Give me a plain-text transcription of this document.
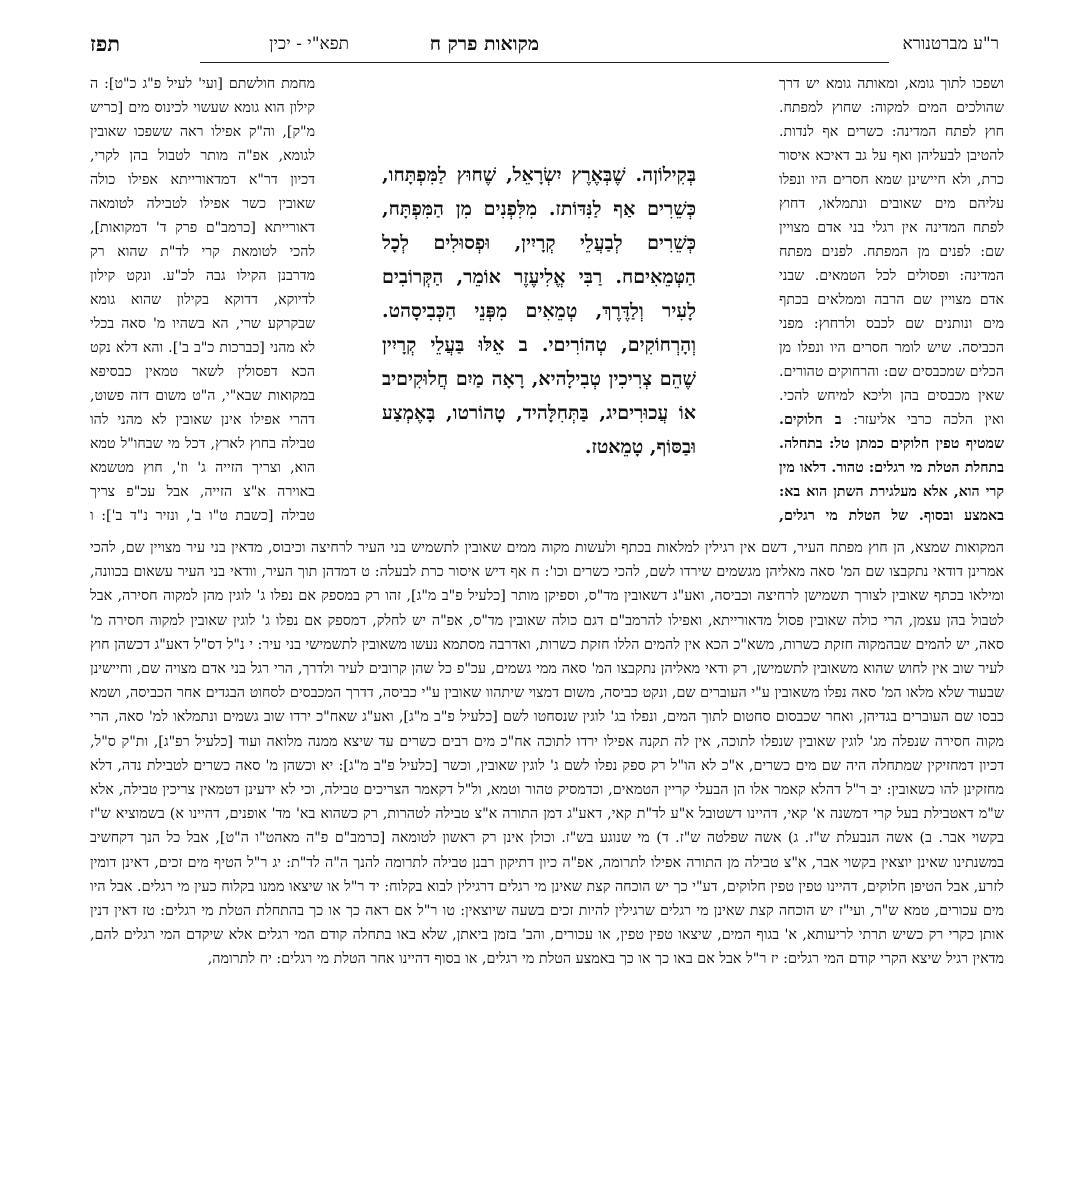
ר"ע מברטנורא
מקואות פרק ח
תפא"י - יכין
תפז
ושפכו לתוך גומא, ומאותה גומא יש דרך שהולכים המים למקוה: שחוץ למפתח. חוץ לפתח המדינה: כשרים אף לנדות. להטיבן לבעליהן ואף על גב דאיכא איסור כרת, ולא חיישינן שמא חסרים היו ונפלו עליהם מים שאובים ונתמלאו, דחוץ לפתח המדינה אין רגלי בני אדם מצויין שם: לפנים מן המפתח. לפנים מפתח המדינה: ופסולים לכל הטמאים. שבני אדם מצויין שם הרבה וממלאים בכתף מים ונותנים שם לכבס ולרחוץ: מפני הכביסה. שיש לומר חסרים היו ונפלו מן הכלים שמכבסים שם: והרחוקים טהורים. שאין מכבסים בהן וליכא למיחש להכי. ואין הלכה כרבי אליעזר: ב חלוקים. שמטיף טפין חלוקים כמתן טל: בתחלה. בתחלת הטלת מי רגלים: טהור. דלאו מין קרי הוא, אלא מעלגירת השתן הוא בא: באמצע ובסוף. של הטלת מי רגלים,
בְּקִילוֹןה. שֶׁבְּאֶרֶץ יִשְׂרָאֵל, שֶׁחוּץ לַמִּפְתָּחו, כְּשֵׁרִים אַף לַנִּדּוֹתז. מִלִּפְנִים מִן הַמִּפְתָּח, כְּשֵׁרִים לְבַעֲלֵי קְרָיִין, וּפְסוּלִים לְכָל הַטְּמֵאִיםח. רַבִּי אֱלִיעֶזֶר אוֹמֵר, הַקְּרוֹבִים לָעִיר וְלַדֶּרֶךְ, טְמֵאִים מִפְּנֵי הַכְּבִיסָהט. וְהָרְחוֹקִים, טְהוֹרִיםי. ב אֵלּוּ בַּעֲלֵי קְרָיִין שֶׁהֵם צְרִיכִין טְבִילָהיא, רָאָה מַיִם חֲלוּקִיםיב אוֹ עֲכוּרִיםיג, בַּתְּחִלָּהיד, טָהוֹרטו, בָּאֶמְצַע וּבַסּוֹף, טָמֵאטז.
מחמת חולשתם [ועי' לעיל פ"ג כ"ט]: ה קילון הוא גומא שעשוי לכינוס מים [כריש מ"ק], וה"ק אפילו ראה ששפכו שאובין לגומא, אפ"ה מותר לטבול בהן לקרי, דכיון דר"א דמדאורייתא אפילו כולה שאובין כשר אפילו לטבילה לטומאה דאורייתא [כרמב"ם פרק ד' דמקואות], להכי לטומאת קרי לד"ת שהוא רק מדרבנן הקילו גבה לכ"ע. ונקט קילון לדיוקא, דדוקא בקילון שהוא גומא שבקרקע שרי, הא בשהיו מ' סאה בכלי לא מהני [כברכות כ"ב ב']. והא דלא נקט הכא דפסולין לשאר טמאין כבסיפא במקואות שבא"י, ה"ט משום דזה פשוט, דהרי אפילו אינן שאובין לא מהני להו טבילה בחוץ לארץ, דכל מי שבחו"ל טמא הוא, וצריך הזייה ג' וז', חוץ מטשמא באוירה א"צ הזייה, אבל עכ"פ צריך טבילה [כשבת ט"ו ב', ונזיר נ"ד ב']: ו
המקואות שמצא, הן חוץ מפתח העיר, דשם אין רגילין למלאות בכתף ולעשות מקוה ממים שאובין לתשמיש בני העיר לרחיצה וכיבוס, מדאין בני עיר מצויין שם, להכי אמרינן דודאי נתקבצו שם המ' סאה מאליהן מגשמים שירדו לשם, להכי כשרים וכו': ח אף דיש איסור כרת לבעלה: ט דמדהן תוך העיר, וודאי בני העיר עשאום בכוונה, ומילאו בכתף שאובין לצורך תשמישן לרחיצה וכביסה, ואע"ג דשאובין מד"ס, וספיקן מותר [כלעיל פ"ב מ"ג], זהו רק במספק אם נפלו ג' לוגין מהן למקוה חסירה, אבל לטבול בהן עצמן, הרי כולה שאובין פסול מדאורייתא, ואפילו להרמב"ם דגם כולה שאובין מד"ס, אפ"ה יש לחלק, דמספק אם נפלו ג' לוגין שאובין למקוה חסירה מ' סאה, יש להמים שבהמקוה חזקת כשרות, משא"כ הכא אין להמים הללו חזקת כשרות, ואדרבה מסתמא נעשו משאובין לתשמישי בני עיר: י נ"ל דס"ל דאע"ג דכשהן חוץ לעיר שוב אין לחוש שהוא משאובין לתשמישן, רק ודאי מאליהן נתקבצו המ' סאה ממי גשמים, עכ"פ כל שהן קרובים לעיר ולדרך, הרי רגל בני אדם מצויה שם, וחיישינן שבעוד שלא מלאו המ' סאה נפלו משאובין ע"י העוברים שם, ונקט כביסה, משום דמצוי שיתהוו שאובין ע"י כביסה, דדרך המכבסים לסחוט הבגדים אחר הכביסה, ושמא כבסו שם העוברים בגדיהן, ואחר שכבסום סחטום לתוך המים, ונפלו בג' לוגין שנסחטו לשם [כלעיל פ"ב מ"ג], ואע"ג שאח"כ ירדו שוב גשמים ונתמלאו למ' סאה, הרי מקוה חסירה שנפלה מג' לוגין שאובין שנפלו לתוכה, אין לה תקנה אפילו ירדו לתוכה אח"כ מים רבים כשרים עד שיצא ממנה מלואה ועוד [כלעיל רפ"ג], ות"ק ס"ל, דכיון דמחזיקין שמתחלה היה שם מים כשרים, א"כ לא הו"ל רק ספק נפלו לשם ג' לוגין שאובין, וכשר [כלעיל פ"ב מ"ג]: יא וכשהן מ' סאה כשרים לטבילת נדה, דלא מחזקינן להו כשאובין: יב ר"ל דהלא קאמר אלו הן הבעלי קריין הטמאים, וכדמסיק טהור וטמא, ול"ל דקאמר הצריכים טבילה, וכי לא ידעינן דטמאין צריכין טבילה, אלא ש"מ דאטבילת בעל קרי דמשנה א' קאי, דהיינו דשטובל א"ע לד"ת קאי, דאע"ג דמן התורה א"צ טבילה לטהרות, רק כשהוא בא' מד' אופנים, דהיינו א) בשמוציא ש"ז בקשוי אבר. ב) אשה הנבעלת ש"ז. ג) אשה שפלטה ש"ז. ד) מי שנוגע בש"ז. וכולן אינן רק ראשון לטומאה [כרמב"ם פ"ה מאהט"ו ה"ט], אבל כל הנך דקחשיב במשנתינו שאינן יוצאין בקשוי אבר, א"צ טבילה מן התורה אפילו לתרומה, אפ"ה כיון דתיקון רבנן טבילה לתרומה להנך ה"ה לד"ת: יג ר"ל הטיף מים זכים, דאינן דומין לזרע, אבל הטיפן חלוקים, דהיינו טפין טפין חלוקים, דע"י כך יש הוכחה קצת שאינן מי רגלים דרגילין לבוא בקלוח: יד ר"ל או שיצאו ממנו בקלוח כעין מי רגלים. אבל היו מים עכורים, טמא ש"ר, ועי"ז יש הוכחה קצת שאינן מי רגלים שרגילין להיות זכים בשעה שיוצאין: טו ר"ל אם ראה כך או כך בהתחלת הטלת מי רגלים: טז דאין דנין אותן כקרי רק כשיש תרתי לריעותא, א' בגוף המים, שיצאו טפין טפין, או עכורים, והב' בזמן ביאתן, שלא באו בתחלה קודם המי רגלים אלא שיקדם המי רגלים להם, מדאין רגיל שיצא הקרי קודם המי רגלים: יז ר"ל אבל אם באו כך או כך באמצע הטלת מי רגלים, או בסוף דהיינו אחר הטלת מי רגלים: יח לתרומה,
